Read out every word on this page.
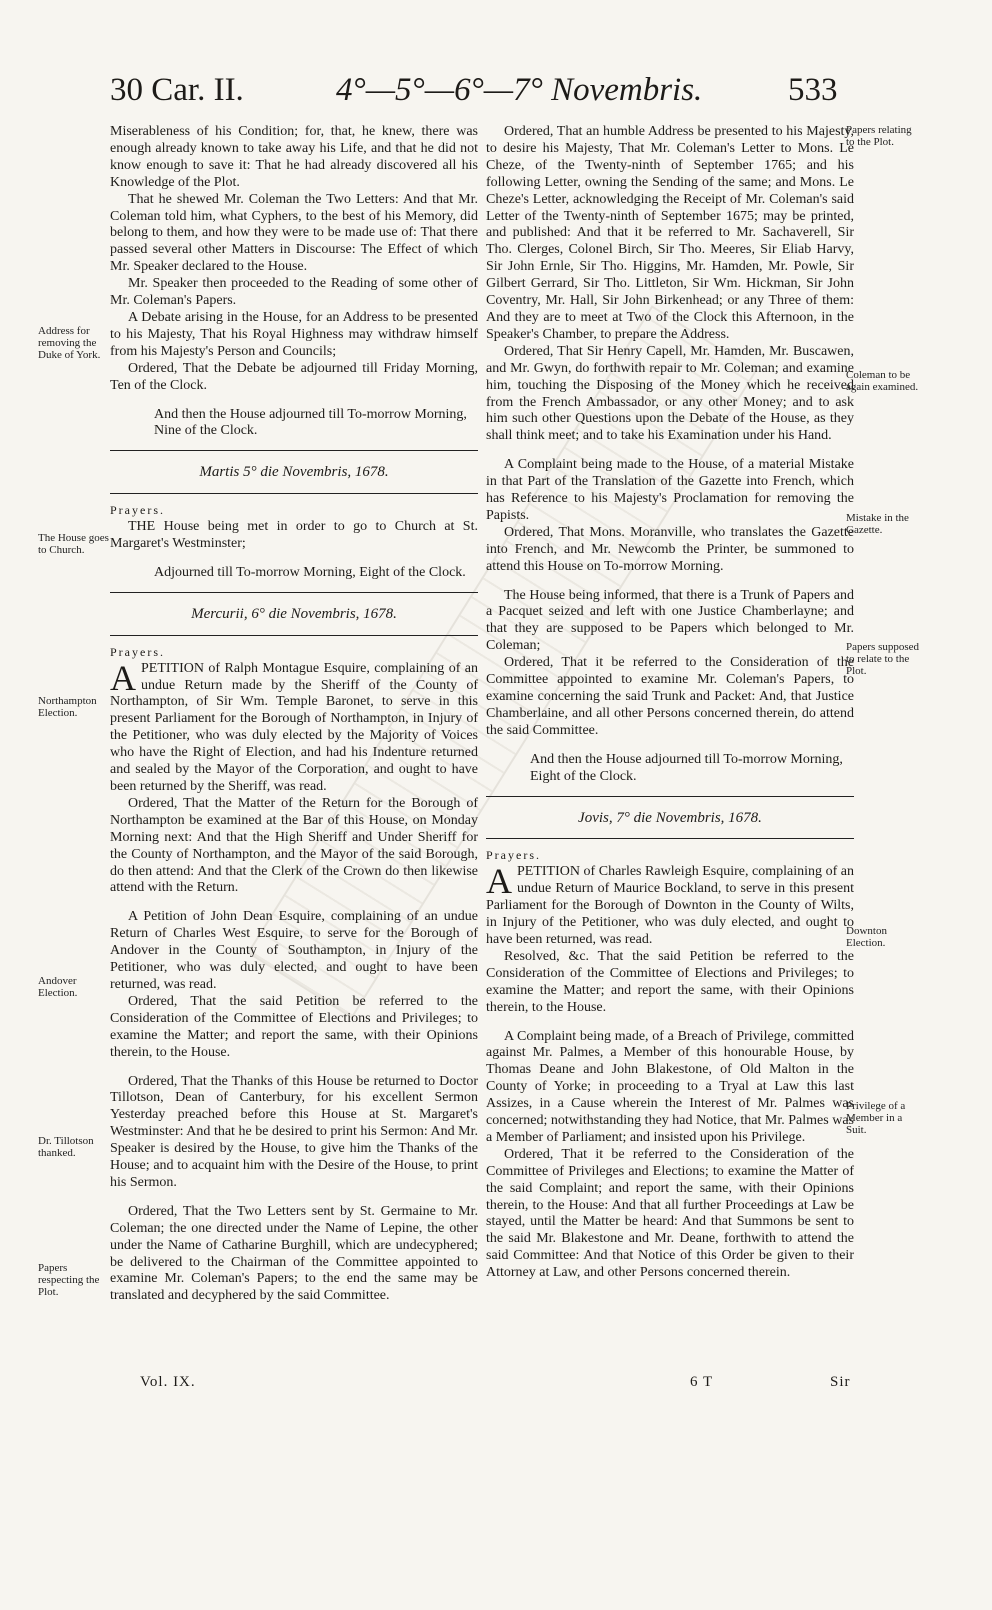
30 Car. II.	4°—5°—6°—7° Novembris.	533

Miserableness of his Condition; for, that, he knew, there was enough already known to take away his Life, and that he did not know enough to save it: That he had already discovered all his Knowledge of the Plot.

That he shewed Mr. Coleman the Two Letters: And that Mr. Coleman told him, what Cyphers, to the best of his Memory, did belong to them, and how they were to be made use of: That there passed several other Matters in Discourse: The Effect of which Mr. Speaker declared to the House.

Mr. Speaker then proceeded to the Reading of some other of Mr. Coleman's Papers.

A Debate arising in the House, for an Address to be presented to his Majesty, That his Royal Highness may withdraw himself from his Majesty's Person and Councils;

Ordered, That the Debate be adjourned till Friday Morning, Ten of the Clock.

And then the House adjourned till To-morrow Morning, Nine of the Clock.

Martis 5° die Novembris, 1678.

Prayers.

THE House being met in order to go to Church at St. Margaret's Westminster;

Adjourned till To-morrow Morning, Eight of the Clock.

Mercurii, 6° die Novembris, 1678.

Prayers.

A PETITION of Ralph Montague Esquire, complaining of an undue Return made by the Sheriff of the County of Northampton, of Sir Wm. Temple Baronet, to serve in this present Parliament for the Borough of Northampton, in Injury of the Petitioner, who was duly elected by the Majority of Voices who have the Right of Election, and had his Indenture returned and sealed by the Mayor of the Corporation, and ought to have been returned by the Sheriff, was read.

Ordered, That the Matter of the Return for the Borough of Northampton be examined at the Bar of this House, on Monday Morning next: And that the High Sheriff and Under Sheriff for the County of Northampton, and the Mayor of the said Borough, do then attend: And that the Clerk of the Crown do then likewise attend with the Return.

A Petition of John Dean Esquire, complaining of an undue Return of Charles West Esquire, to serve for the Borough of Andover in the County of Southampton, in Injury of the Petitioner, who was duly elected, and ought to have been returned, was read.

Ordered, That the said Petition be referred to the Consideration of the Committee of Elections and Privileges; to examine the Matter; and report the same, with their Opinions therein, to the House.

Ordered, That the Thanks of this House be returned to Doctor Tillotson, Dean of Canterbury, for his excellent Sermon Yesterday preached before this House at St. Margaret's Westminster: And that he be desired to print his Sermon: And Mr. Speaker is desired by the House, to give him the Thanks of the House; and to acquaint him with the Desire of the House, to print his Sermon.

Ordered, That the Two Letters sent by St. Germaine to Mr. Coleman; the one directed under the Name of Lepine, the other under the Name of Catharine Burghill, which are undecyphered; be delivered to the Chairman of the Committee appointed to examine Mr. Coleman's Papers; to the end the same may be translated and decyphered by the said Committee.

Ordered, That an humble Address be presented to his Majesty, to desire his Majesty, That Mr. Coleman's Letter to Mons. Le Cheze, of the Twenty-ninth of September 1765; and his following Letter, owning the Sending of the same; and Mons. Le Cheze's Letter, acknowledging the Receipt of Mr. Coleman's said Letter of the Twenty-ninth of September 1675; may be printed, and published: And that it be referred to Mr. Sachaverell, Sir Tho. Clerges, Colonel Birch, Sir Tho. Meeres, Sir Eliab Harvy, Sir John Ernle, Sir Tho. Higgins, Mr. Hamden, Mr. Powle, Sir Gilbert Gerrard, Sir Tho. Littleton, Sir Wm. Hickman, Sir John Coventry, Mr. Hall, Sir John Birkenhead; or any Three of them: And they are to meet at Two of the Clock this Afternoon, in the Speaker's Chamber, to prepare the Address.

Ordered, That Sir Henry Capell, Mr. Hamden, Mr. Buscawen, and Mr. Gwyn, do forthwith repair to Mr. Coleman; and examine him, touching the Disposing of the Money which he received from the French Ambassador, or any other Money; and to ask him such other Questions upon the Debate of the House, as they shall think meet; and to take his Examination under his Hand.

A Complaint being made to the House, of a material Mistake in that Part of the Translation of the Gazette into French, which has Reference to his Majesty's Proclamation for removing the Papists.

Ordered, That Mons. Moranville, who translates the Gazette into French, and Mr. Newcomb the Printer, be summoned to attend this House on To-morrow Morning.

The House being informed, that there is a Trunk of Papers and a Pacquet seized and left with one Justice Chamberlayne; and that they are supposed to be Papers which belonged to Mr. Coleman;

Ordered, That it be referred to the Consideration of the Committee appointed to examine Mr. Coleman's Papers, to examine concerning the said Trunk and Packet: And, that Justice Chamberlaine, and all other Persons concerned therein, do attend the said Committee.

And then the House adjourned till To-morrow Morning, Eight of the Clock.

Jovis, 7° die Novembris, 1678.

Prayers.

A PETITION of Charles Rawleigh Esquire, complaining of an undue Return of Maurice Bockland, to serve in this present Parliament for the Borough of Downton in the County of Wilts, in Injury of the Petitioner, who was duly elected, and ought to have been returned, was read.

Resolved, &c. That the said Petition be referred to the Consideration of the Committee of Elections and Privileges; to examine the Matter; and report the same, with their Opinions therein, to the House.

A Complaint being made, of a Breach of Privilege, committed against Mr. Palmes, a Member of this honourable House, by Thomas Deane and John Blakestone, of Old Malton in the County of Yorke; in proceeding to a Tryal at Law this last Assizes, in a Cause wherein the Interest of Mr. Palmes was concerned; notwithstanding they had Notice, that Mr. Palmes was a Member of Parliament; and insisted upon his Privilege.

Ordered, That it be referred to the Consideration of the Committee of Privileges and Elections; to examine the Matter of the said Complaint; and report the same, with their Opinions therein, to the House: And that all further Proceedings at Law be stayed, until the Matter be heard: And that Summons be sent to the said Mr. Blakestone and Mr. Deane, forthwith to attend the said Committee: And that Notice of this Order be given to their Attorney at Law, and other Persons concerned therein.

Address for removing the Duke of York.
The House goes to Church.
Northampton Election.
Andover Election.
Dr. Tillotson thanked.
Papers respecting the Plot.
Papers relating to the Plot.
Coleman to be again examined.
Mistake in the Gazette.
Papers supposed to relate to the Plot.
Downton Election.
Privilege of a Member in a Suit.
Vol. IX.	6 T	Sir
